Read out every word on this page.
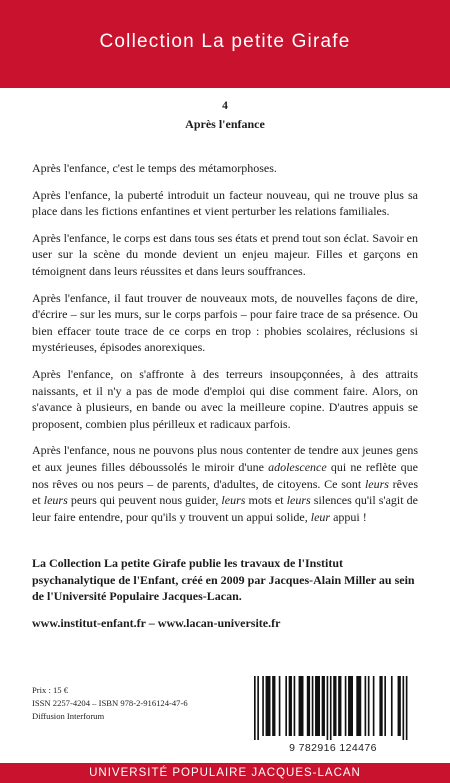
Collection La petite Girafe
4
Après l'enfance

Après l'enfance, c'est le temps des métamorphoses.

Après l'enfance, la puberté introduit un facteur nouveau, qui ne trouve plus sa place dans les fictions enfantines et vient perturber les relations familiales.

Après l'enfance, le corps est dans tous ses états et prend tout son éclat. Savoir en user sur la scène du monde devient un enjeu majeur. Filles et garçons en témoignent dans leurs réussites et dans leurs souffrances.

Après l'enfance, il faut trouver de nouveaux mots, de nouvelles façons de dire, d'écrire – sur les murs, sur le corps parfois – pour faire trace de sa présence. Ou bien effacer toute trace de ce corps en trop : phobies scolaires, réclusions si mystérieuses, épisodes anorexiques.

Après l'enfance, on s'affronte à des terreurs insoupçonnées, à des attraits naissants, et il n'y a pas de mode d'emploi qui dise comment faire. Alors, on s'avance à plusieurs, en bande ou avec la meilleure copine. D'autres appuis se proposent, combien plus périlleux et radicaux parfois.

Après l'enfance, nous ne pouvons plus nous contenter de tendre aux jeunes gens et aux jeunes filles déboussolés le miroir d'une adolescence qui ne reflète que nos rêves ou nos peurs – de parents, d'adultes, de citoyens. Ce sont leurs rêves et leurs peurs qui peuvent nous guider, leurs mots et leurs silences qu'il s'agit de leur faire entendre, pour qu'ils y trouvent un appui solide, leur appui !

La Collection La petite Girafe publie les travaux de l'Institut psychanalytique de l'Enfant, créé en 2009 par Jacques-Alain Miller au sein de l'Université Populaire Jacques-Lacan.
www.institut-enfant.fr – www.lacan-universite.fr
Prix : 15 €
ISSN 2257-4204 – ISBN 978-2-916124-47-6
Diffusion Interforum
9 782916 124476
UNIVERSITÉ POPULAIRE JACQUES-LACAN
